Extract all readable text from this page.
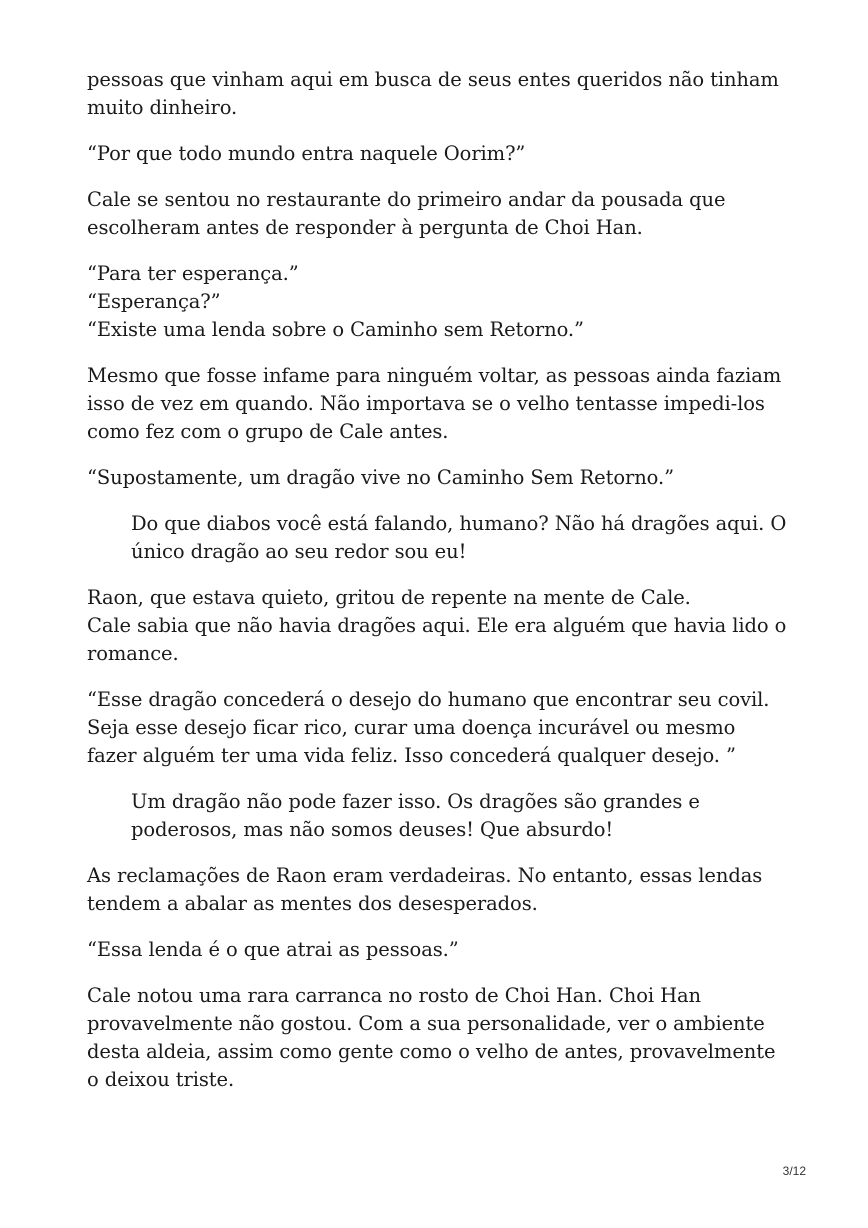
pessoas que vinham aqui em busca de seus entes queridos não tinham muito dinheiro.

“Por que todo mundo entra naquele Oorim?”

Cale se sentou no restaurante do primeiro andar da pousada que escolheram antes de responder à pergunta de Choi Han.

“Para ter esperança.”

“Esperança?”

“Existe uma lenda sobre o Caminho sem Retorno.”

Mesmo que fosse infame para ninguém voltar, as pessoas ainda faziam isso de vez em quando. Não importava se o velho tentasse impedi-los como fez com o grupo de Cale antes.

“Supostamente, um dragão vive no Caminho Sem Retorno.”

Do que diabos você está falando, humano? Não há dragões aqui. O único dragão ao seu redor sou eu!

Raon, que estava quieto, gritou de repente na mente de Cale.

Cale sabia que não havia dragões aqui. Ele era alguém que havia lido o romance.

“Esse dragão concederá o desejo do humano que encontrar seu covil. Seja esse desejo ficar rico, curar uma doença incurável ou mesmo fazer alguém ter uma vida feliz. Isso concederá qualquer desejo. ”

Um dragão não pode fazer isso. Os dragões são grandes e poderosos, mas não somos deuses! Que absurdo!

As reclamações de Raon eram verdadeiras. No entanto, essas lendas tendem a abalar as mentes dos desesperados.

“Essa lenda é o que atrai as pessoas.”

Cale notou uma rara carranca no rosto de Choi Han. Choi Han provavelmente não gostou. Com a sua personalidade, ver o ambiente desta aldeia, assim como gente como o velho de antes, provavelmente o deixou triste.

3/12
